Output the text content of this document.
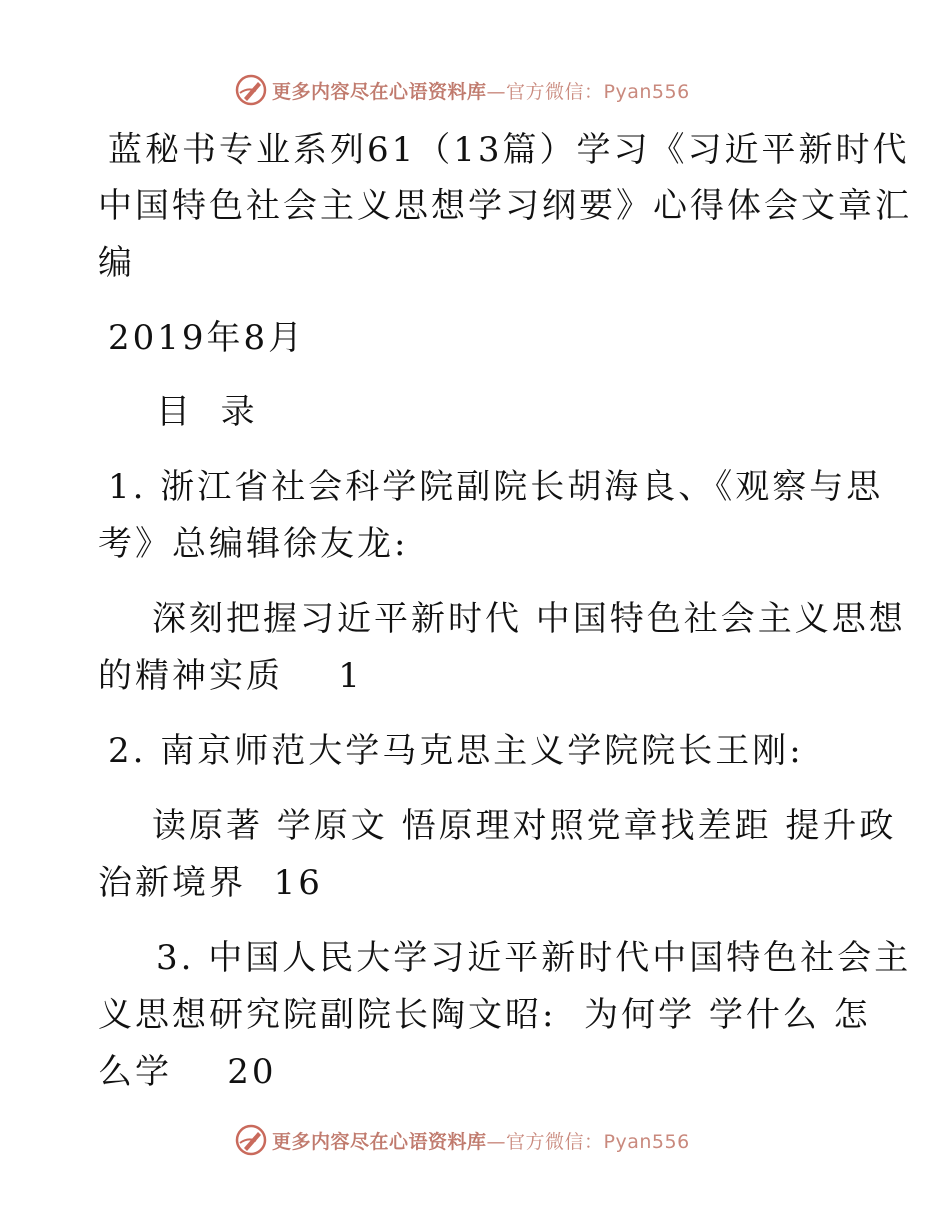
更多内容尽在心语资料库—官方微信：Pyan556
蓝秘书专业系列61（13篇）学习《习近平新时代
中国特色社会主义思想学习纲要》心得体会文章汇
编
2019年8月
目  录
1. 浙江省社会科学院副院长胡海良、《观察与思
考》总编辑徐友龙:
深刻把握习近平新时代 中国特色社会主义思想
的精神实质    1
2. 南京师范大学马克思主义学院院长王刚:
读原著 学原文 悟原理对照党章找差距 提升政
治新境界  16
3. 中国人民大学习近平新时代中国特色社会主
义思想研究院副院长陶文昭:  为何学 学什么 怎
么学    20
更多内容尽在心语资料库—官方微信：Pyan556
